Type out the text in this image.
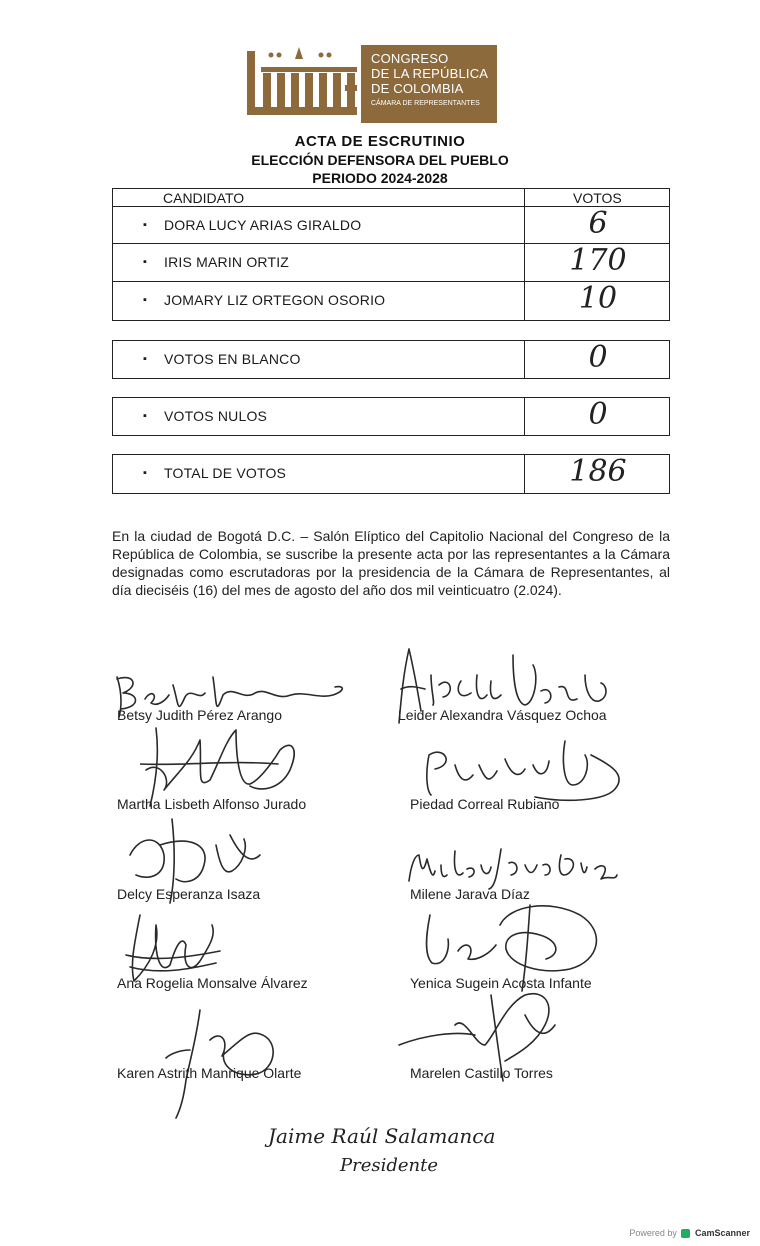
CONGRESO
DE LA REPÚBLICA
DE COLOMBIA
CÁMARA DE REPRESENTANTES
ACTA DE ESCRUTINIO
ELECCIÓN DEFENSORA DEL PUEBLO
PERIODO 2024-2028
CANDIDATO	VOTOS
▪ DORA LUCY ARIAS GIRALDO	6
▪ IRIS MARIN ORTIZ	170
▪ JOMARY LIZ ORTEGON OSORIO	10
▪ VOTOS EN BLANCO	0
▪ VOTOS NULOS	0
▪ TOTAL DE VOTOS	186
En la ciudad de Bogotá D.C. – Salón Elíptico del Capitolio Nacional del Congreso de la República de Colombia, se suscribe la presente acta por las representantes a la Cámara designadas como escrutadoras por la presidencia de la Cámara de Representantes, al día dieciséis (16) del mes de agosto del año dos mil veinticuatro (2.024).
Betsy Judith Pérez Arango	Leider Alexandra Vásquez Ochoa
Martha Lisbeth Alfonso Jurado	Piedad Correal Rubiano
Delcy Esperanza Isaza	Milene Jarava Díaz
Ana Rogelia Monsalve Álvarez	Yenica Sugein Acosta Infante
Karen Astrith Manrique Olarte	Marelen Castillo Torres
Jaime Raúl Salamanca
Presidente
Powered by CamScanner
